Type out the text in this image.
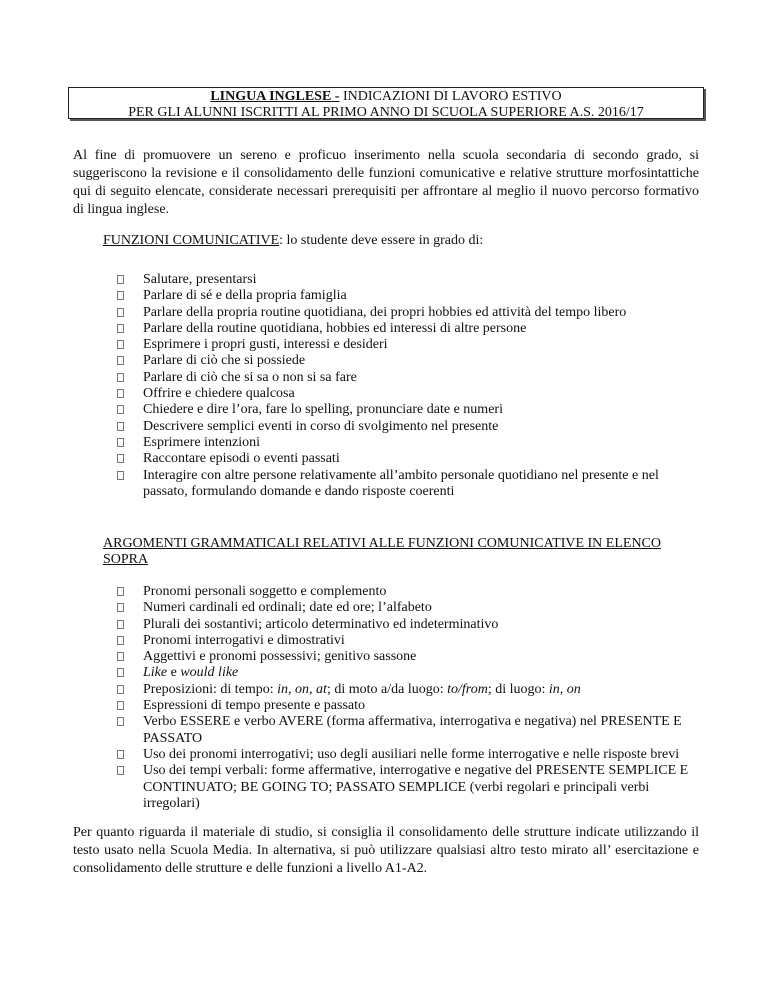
LINGUA INGLESE - INDICAZIONI DI LAVORO ESTIVO
PER GLI ALUNNI ISCRITTI AL PRIMO ANNO DI SCUOLA SUPERIORE A.S. 2016/17

Al fine di promuovere un sereno e proficuo inserimento nella scuola secondaria di secondo grado, si suggeriscono la revisione e il consolidamento delle funzioni comunicative e relative strutture morfosintattiche qui di seguito elencate, considerate necessari prerequisiti per affrontare al meglio il nuovo percorso formativo di lingua inglese.

FUNZIONI COMUNICATIVE: lo studente deve essere in grado di:

Salutare, presentarsi
Parlare di sé e della propria famiglia
Parlare della propria routine quotidiana, dei propri hobbies ed attività del tempo libero
Parlare della routine quotidiana, hobbies ed interessi di altre persone
Esprimere i propri gusti, interessi e desideri
Parlare di ciò che si possiede
Parlare di ciò che si sa o non si sa fare
Offrire e chiedere qualcosa
Chiedere e dire l’ora, fare lo spelling, pronunciare date e numeri
Descrivere semplici eventi in corso di svolgimento nel presente
Esprimere intenzioni
Raccontare episodi o eventi passati
Interagire con altre persone relativamente all’ambito personale quotidiano nel presente e nel passato, formulando domande e dando risposte coerenti

ARGOMENTI GRAMMATICALI RELATIVI ALLE FUNZIONI COMUNICATIVE IN ELENCO SOPRA

Pronomi personali soggetto e complemento
Numeri cardinali ed ordinali; date ed ore; l’alfabeto
Plurali dei sostantivi; articolo determinativo ed indeterminativo
Pronomi interrogativi e dimostrativi
Aggettivi e pronomi possessivi; genitivo sassone
Like e would like
Preposizioni: di tempo: in, on, at; di moto a/da luogo: to/from; di luogo: in, on
Espressioni di tempo presente e passato
Verbo ESSERE e verbo AVERE (forma affermativa, interrogativa e negativa) nel PRESENTE E PASSATO
Uso dei pronomi interrogativi; uso degli ausiliari nelle forme interrogative e nelle risposte brevi
Uso dei tempi verbali: forme affermative, interrogative e negative del PRESENTE SEMPLICE E CONTINUATO; BE GOING TO; PASSATO SEMPLICE (verbi regolari e principali verbi irregolari)

Per quanto riguarda il materiale di studio, si consiglia il consolidamento delle strutture indicate utilizzando il testo usato nella Scuola Media. In alternativa, si può utilizzare qualsiasi altro testo mirato all’ esercitazione e consolidamento delle strutture e delle funzioni a livello A1-A2.
